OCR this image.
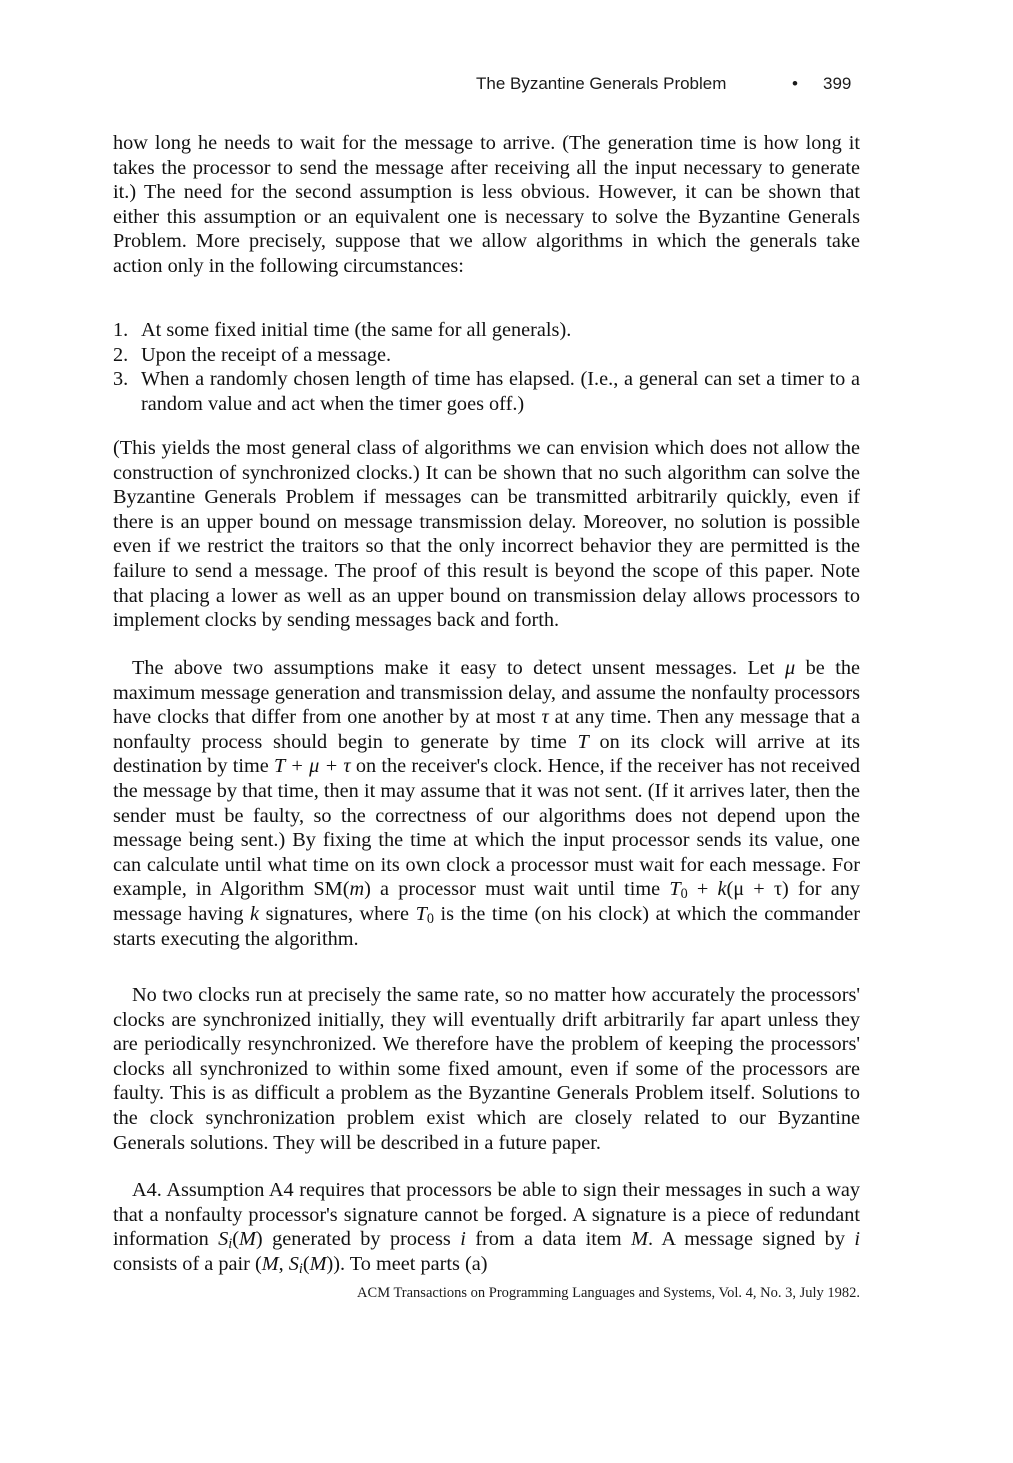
The Byzantine Generals Problem	• 399

how long he needs to wait for the message to arrive. (The generation time is how long it takes the processor to send the message after receiving all the input necessary to generate it.) The need for the second assumption is less obvious. However, it can be shown that either this assumption or an equivalent one is necessary to solve the Byzantine Generals Problem. More precisely, suppose that we allow algorithms in which the generals take action only in the following circumstances:

1. At some fixed initial time (the same for all generals).

2. Upon the receipt of a message.

3. When a randomly chosen length of time has elapsed. (I.e., a general can set a timer to a random value and act when the timer goes off.)

(This yields the most general class of algorithms we can envision which does not allow the construction of synchronized clocks.) It can be shown that no such algorithm can solve the Byzantine Generals Problem if messages can be transmitted arbitrarily quickly, even if there is an upper bound on message transmission delay. Moreover, no solution is possible even if we restrict the traitors so that the only incorrect behavior they are permitted is the failure to send a message. The proof of this result is beyond the scope of this paper. Note that placing a lower as well as an upper bound on transmission delay allows processors to implement clocks by sending messages back and forth.

The above two assumptions make it easy to detect unsent messages. Let μ be the maximum message generation and transmission delay, and assume the nonfaulty processors have clocks that differ from one another by at most τ at any time. Then any message that a nonfaulty process should begin to generate by time T on its clock will arrive at its destination by time T + μ + τ on the receiver's clock. Hence, if the receiver has not received the message by that time, then it may assume that it was not sent. (If it arrives later, then the sender must be faulty, so the correctness of our algorithms does not depend upon the message being sent.) By fixing the time at which the input processor sends its value, one can calculate until what time on its own clock a processor must wait for each message. For example, in Algorithm SM(m) a processor must wait until time $T_0 + k(\mu + \tau)$ for any message having k signatures, where $T_0$ is the time (on his clock) at which the commander starts executing the algorithm.

No two clocks run at precisely the same rate, so no matter how accurately the processors' clocks are synchronized initially, they will eventually drift arbitrarily far apart unless they are periodically resynchronized. We therefore have the problem of keeping the processors' clocks all synchronized to within some fixed amount, even if some of the processors are faulty. This is as difficult a problem as the Byzantine Generals Problem itself. Solutions to the clock synchronization problem exist which are closely related to our Byzantine Generals solutions. They will be described in a future paper.

A4. Assumption A4 requires that processors be able to sign their messages in such a way that a nonfaulty processor's signature cannot be forged. A signature is a piece of redundant information $S_i(M)$ generated by process i from a data item M. A message signed by i consists of a pair (M, $S_i(M)$). To meet parts (a)

ACM Transactions on Programming Languages and Systems, Vol. 4, No. 3, July 1982.
